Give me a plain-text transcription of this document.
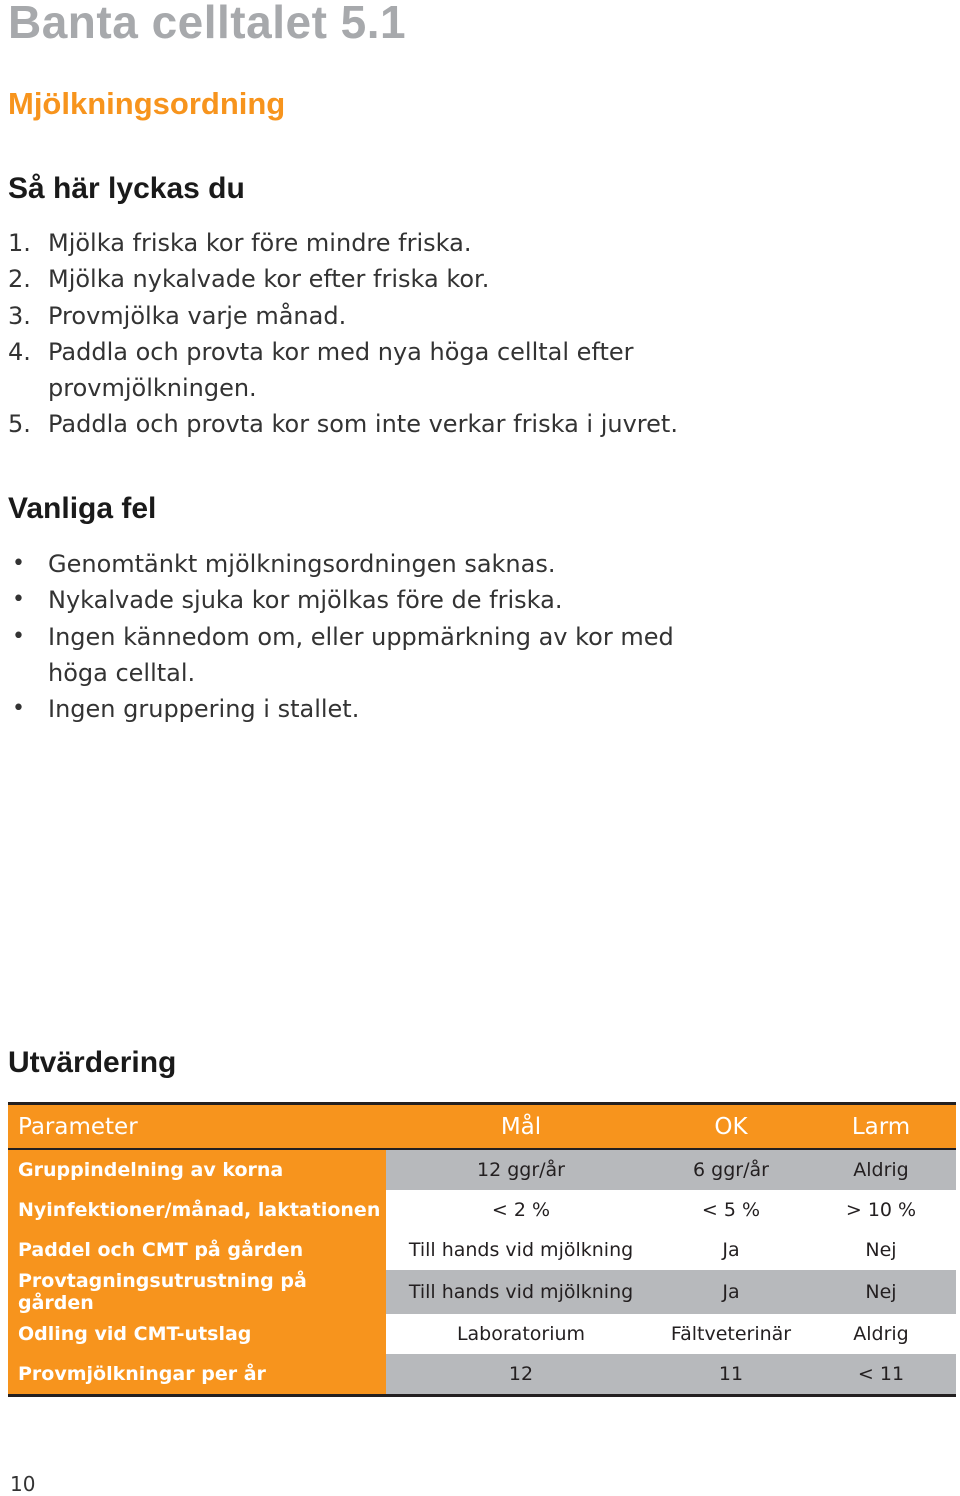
Banta celltalet 5.1
Mjölkningsordning
Så här lyckas du
1. Mjölka friska kor före mindre friska.
2. Mjölka nykalvade kor efter friska kor.
3. Provmjölka varje månad.
4. Paddla och provta kor med nya höga celltal efter provmjölkningen.
5. Paddla och provta kor som inte verkar friska i juvret.
Vanliga fel
• Genomtänkt mjölkningsordningen saknas.
• Nykalvade sjuka kor mjölkas före de friska.
• Ingen kännedom om, eller uppmärkning av kor med höga celltal.
• Ingen gruppering i stallet.
Utvärdering
Parameter	Mål	OK	Larm
Gruppindelning av korna	12 ggr/år	6 ggr/år	Aldrig
Nyinfektioner/månad, laktationen	< 2 %	< 5 %	> 10 %
Paddel och CMT på gården	Till hands vid mjölkning	Ja	Nej
Provtagningsutrustning på gården	Till hands vid mjölkning	Ja	Nej
Odling vid CMT-utslag	Laboratorium	Fältveterinär	Aldrig
Provmjölkningar per år	12	11	< 11

10
